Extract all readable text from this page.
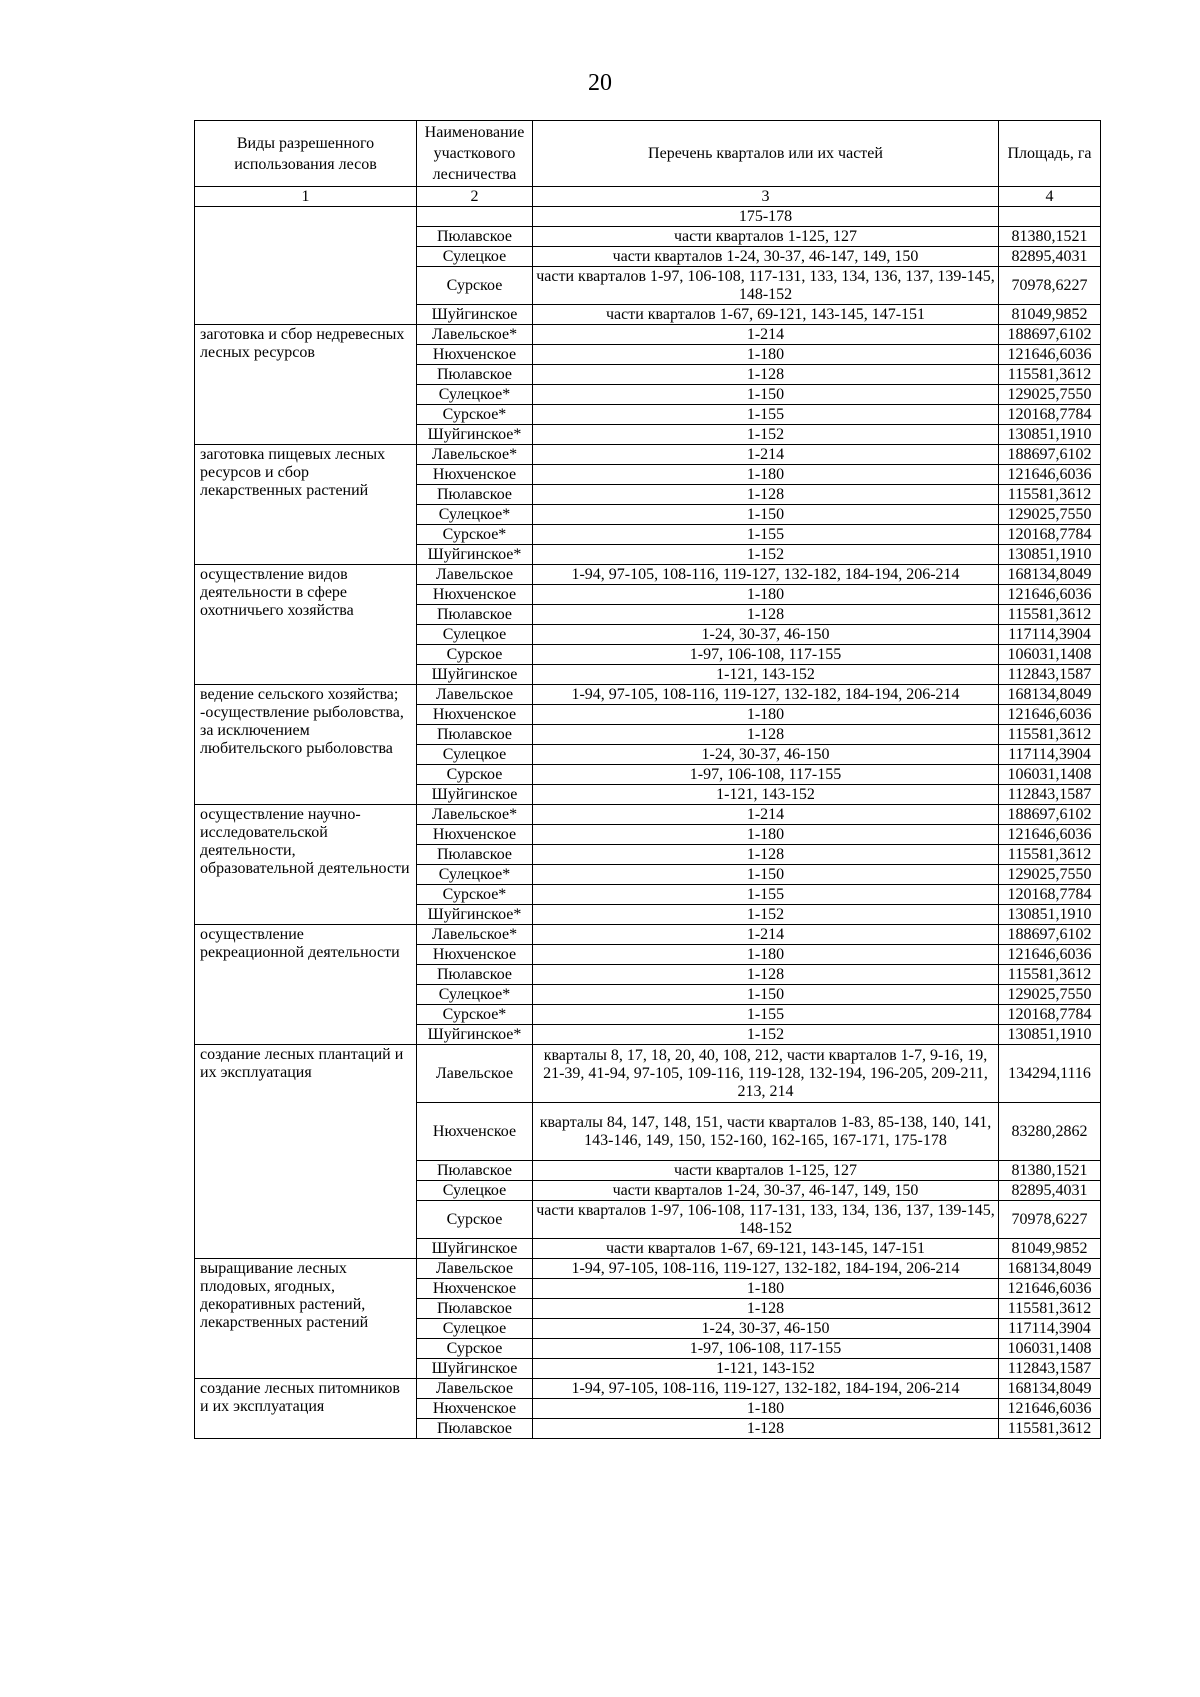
20
Виды разрешенного использования лесов	Наименование участкового лесничества	Перечень кварталов или их частей	Площадь, га
1	2	3	4
		175-178	
	Пюлавское	части кварталов 1-125, 127	81380,1521
	Сулецкое	части кварталов 1-24, 30-37, 46-147, 149, 150	82895,4031
	Сурское	части кварталов 1-97, 106-108, 117-131, 133, 134, 136, 137, 139-145, 148-152	70978,6227
	Шуйгинское	части кварталов 1-67, 69-121, 143-145, 147-151	81049,9852
заготовка и сбор недревесных лесных ресурсов	Лавельское*	1-214	188697,6102
	Нюхченское	1-180	121646,6036
	Пюлавское	1-128	115581,3612
	Сулецкое*	1-150	129025,7550
	Сурское*	1-155	120168,7784
	Шуйгинское*	1-152	130851,1910
заготовка пищевых лесных ресурсов и сбор лекарственных растений	Лавельское*	1-214	188697,6102
	Нюхченское	1-180	121646,6036
	Пюлавское	1-128	115581,3612
	Сулецкое*	1-150	129025,7550
	Сурское*	1-155	120168,7784
	Шуйгинское*	1-152	130851,1910
осуществление видов деятельности в сфере охотничьего хозяйства	Лавельское	1-94, 97-105, 108-116, 119-127, 132-182, 184-194, 206-214	168134,8049
	Нюхченское	1-180	121646,6036
	Пюлавское	1-128	115581,3612
	Сулецкое	1-24, 30-37, 46-150	117114,3904
	Сурское	1-97, 106-108, 117-155	106031,1408
	Шуйгинское	1-121, 143-152	112843,1587
ведение сельского хозяйства; -осуществление рыболовства, за исключением любительского рыболовства	Лавельское	1-94, 97-105, 108-116, 119-127, 132-182, 184-194, 206-214	168134,8049
	Нюхченское	1-180	121646,6036
	Пюлавское	1-128	115581,3612
	Сулецкое	1-24, 30-37, 46-150	117114,3904
	Сурское	1-97, 106-108, 117-155	106031,1408
	Шуйгинское	1-121, 143-152	112843,1587
осуществление научно-исследовательской деятельности, образовательной деятельности	Лавельское*	1-214	188697,6102
	Нюхченское	1-180	121646,6036
	Пюлавское	1-128	115581,3612
	Сулецкое*	1-150	129025,7550
	Сурское*	1-155	120168,7784
	Шуйгинское*	1-152	130851,1910
осуществление рекреационной деятельности	Лавельское*	1-214	188697,6102
	Нюхченское	1-180	121646,6036
	Пюлавское	1-128	115581,3612
	Сулецкое*	1-150	129025,7550
	Сурское*	1-155	120168,7784
	Шуйгинское*	1-152	130851,1910
создание лесных плантаций и их эксплуатация	Лавельское	кварталы 8, 17, 18, 20, 40, 108, 212, части кварталов 1-7, 9-16, 19, 21-39, 41-94, 97-105, 109-116, 119-128, 132-194, 196-205, 209-211, 213, 214	134294,1116
	Нюхченское	кварталы 84, 147, 148, 151, части кварталов 1-83, 85-138, 140, 141, 143-146, 149, 150, 152-160, 162-165, 167-171, 175-178	83280,2862
	Пюлавское	части кварталов 1-125, 127	81380,1521
	Сулецкое	части кварталов 1-24, 30-37, 46-147, 149, 150	82895,4031
	Сурское	части кварталов 1-97, 106-108, 117-131, 133, 134, 136, 137, 139-145, 148-152	70978,6227
	Шуйгинское	части кварталов 1-67, 69-121, 143-145, 147-151	81049,9852
выращивание лесных плодовых, ягодных, декоративных растений, лекарственных растений	Лавельское	1-94, 97-105, 108-116, 119-127, 132-182, 184-194, 206-214	168134,8049
	Нюхченское	1-180	121646,6036
	Пюлавское	1-128	115581,3612
	Сулецкое	1-24, 30-37, 46-150	117114,3904
	Сурское	1-97, 106-108, 117-155	106031,1408
	Шуйгинское	1-121, 143-152	112843,1587
создание лесных питомников и их эксплуатация	Лавельское	1-94, 97-105, 108-116, 119-127, 132-182, 184-194, 206-214	168134,8049
	Нюхченское	1-180	121646,6036
	Пюлавское	1-128	115581,3612
